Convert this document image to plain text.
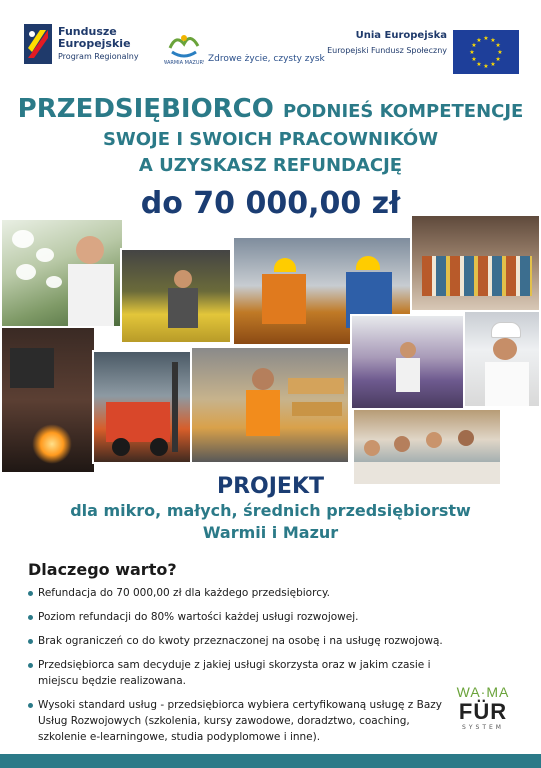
Fundusze
Europejskie
Program Regionalny
WARMIA MAZURY Zdrowe życie, czysty zysk
Unia Europejska
Europejski Fundusz Społeczny	★
★
★
★
★
★
★
★
★ ★ ★
★
PRZEDSIĘBIORCO PODNIEŚ KOMPETENCJE
SWOJE I SWOICH PRACOWNIKÓW
A UZYSKASZ REFUNDACJĘ
do 70 000,00 zł
PROJEKT
dla mikro, małych, średnich przedsiębiorstw
Warmii i Mazur
Dlaczego warto?
Refundacja do 70 000,00 zł dla każdego przedsiębiorcy.
Poziom refundacji do 80% wartości każdej usługi rozwojowej.
Brak ograniczeń co do kwoty przeznaczonej na osobę i na usługę rozwojową.
Przedsiębiorca sam decyduje z jakiej usługi skorzysta oraz w jakim czasie i miejscu będzie realizowana.
Wysoki standard usług - przedsiębiorca wybiera certyfikowaną usługę z Bazy Usług Rozwojowych (szkolenia, kursy zawodowe, doradztwo, coaching, szkolenie e-learningowe, studia podyplomowe i inne).
WA·MA
FÜR
SYSTEM
